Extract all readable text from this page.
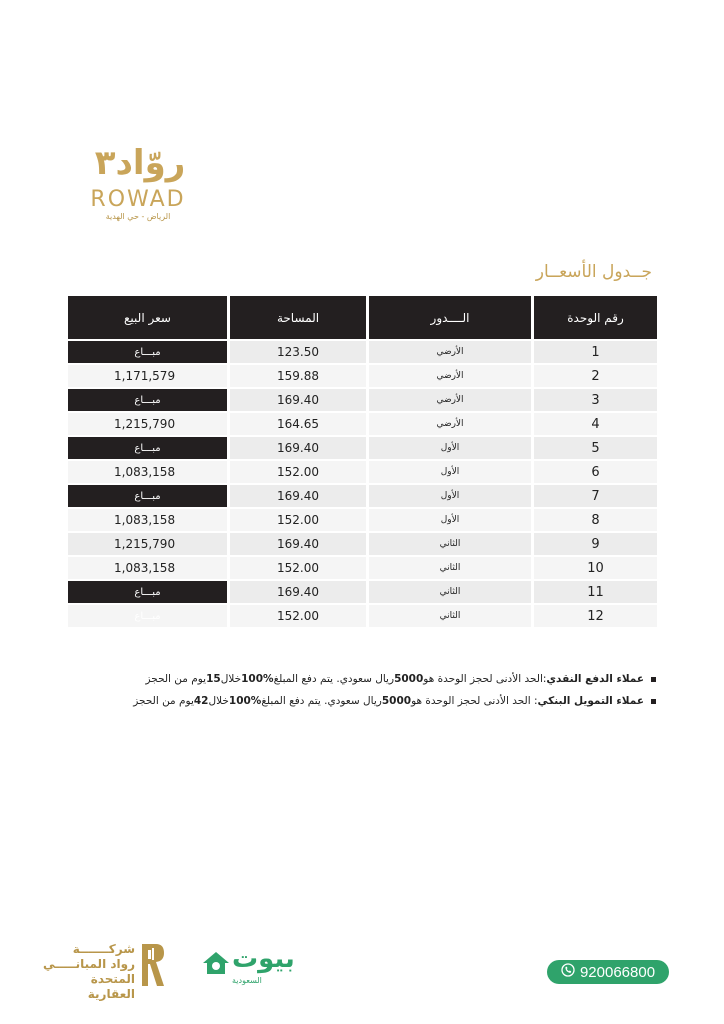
روّاد٣
ROWAD
الرياض - حي الهدية
جــدول الأسعــار
سعر البيع	المساحة	الــــدور	رقم الوحدة
مبـــاع	123.50	الأرضي	1
1,171,579	159.88	الأرضي	2
مبـــاع	169.40	الأرضي	3
1,215,790	164.65	الأرضي	4
مبـــاع	169.40	الأول	5
1,083,158	152.00	الأول	6
مبـــاع	169.40	الأول	7
1,083,158	152.00	الأول	8
1,215,790	169.40	الثاني	9
1,083,158	152.00	الثاني	10
مبـــاع	169.40	الثاني	11
مبـــاع	152.00	الثاني	12
عملاء الدفع النقدي
:الحد الأدنى لحجز الوحدة هو
5000
ريال سعودي. يتم دفع المبلغ
100%
خلال
15
يوم من الحجز
عملاء التمويل البنكي
: الحد الأدنى لحجز الوحدة هو
5000
ريال سعودي. يتم دفع المبلغ
100%
خلال
42
يوم من الحجز
شركـــــــة
رواد المبانـــــي
المتحدة العقارية
بيوت
السعودية	920066800
